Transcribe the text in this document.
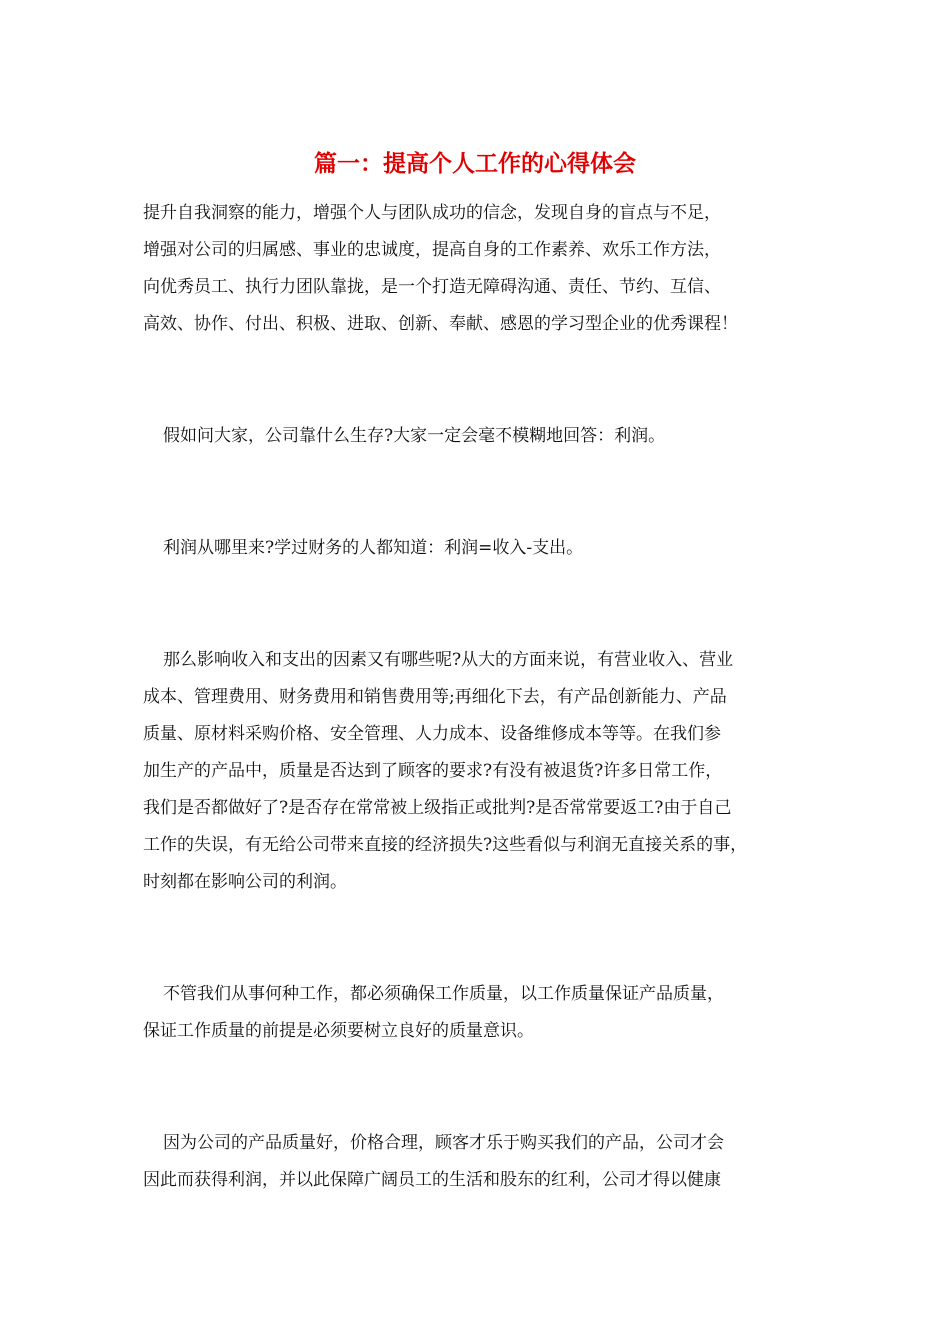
篇一：提高个人工作的心得体会
提升自我洞察的能力，增强个人与团队成功的信念，发现自身的盲点与不足，
增强对公司的归属感、事业的忠诚度，提高自身的工作素养、欢乐工作方法，
向优秀员工、执行力团队靠拢，是一个打造无障碍沟通、责任、节约、互信、
高效、协作、付出、积极、进取、创新、奉献、感恩的学习型企业的优秀课程！
假如问大家，公司靠什么生存?大家一定会毫不模糊地回答：利润。
利润从哪里来?学过财务的人都知道：利润=收入-支出。
那么影响收入和支出的因素又有哪些呢?从大的方面来说，有营业收入、营业
成本、管理费用、财务费用和销售费用等;再细化下去，有产品创新能力、产品
质量、原材料采购价格、安全管理、人力成本、设备维修成本等等。在我们参
加生产的产品中，质量是否达到了顾客的要求?有没有被退货?许多日常工作，
我们是否都做好了?是否存在常常被上级指正或批判?是否常常要返工?由于自己
工作的失误，有无给公司带来直接的经济损失?这些看似与利润无直接关系的事，
时刻都在影响公司的利润。
不管我们从事何种工作，都必须确保工作质量，以工作质量保证产品质量，
保证工作质量的前提是必须要树立良好的质量意识。
因为公司的产品质量好，价格合理，顾客才乐于购买我们的产品，公司才会
因此而获得利润，并以此保障广阔员工的生活和股东的红利，公司才得以健康
